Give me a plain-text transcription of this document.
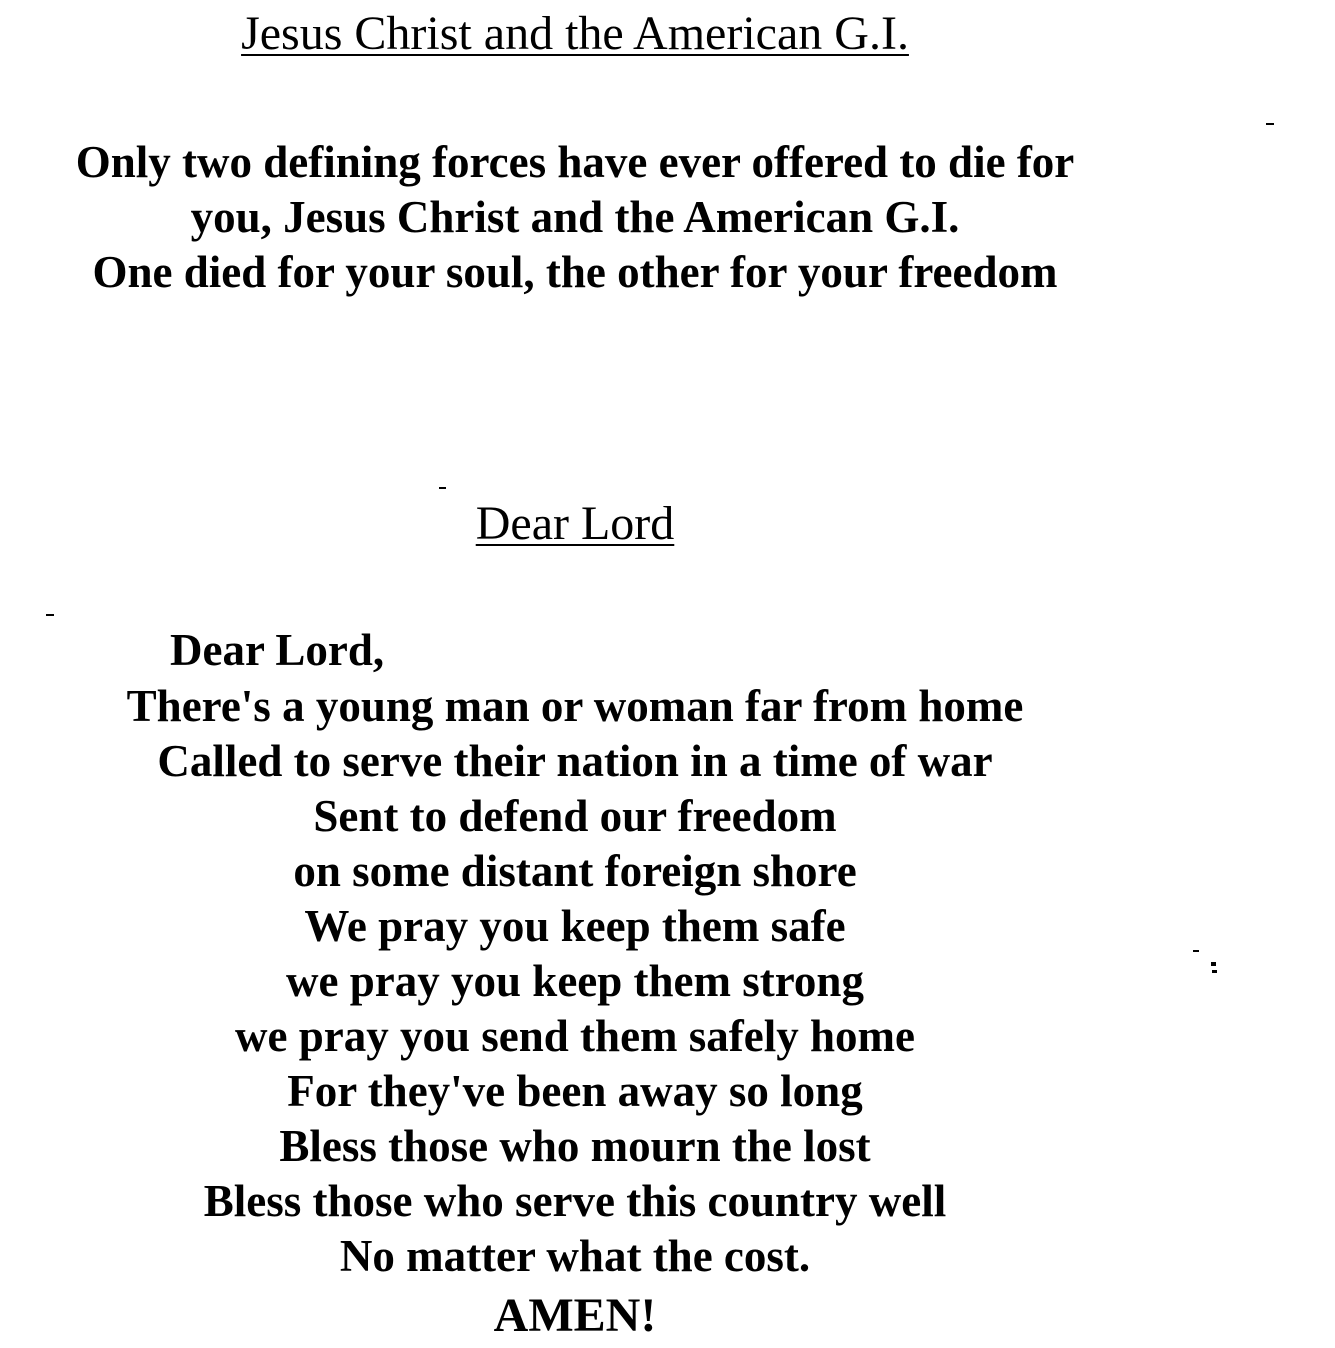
Jesus Christ and the American G.I.
Only two defining forces have ever offered to die for
you, Jesus Christ and the American G.I.
One died for your soul, the other for your freedom
Dear Lord
Dear Lord,
There's a young man or woman far from home
Called to serve their nation in a time of war
Sent to defend our freedom
on some distant foreign shore
We pray you keep them safe
we pray you keep them strong
we pray you send them safely home
For they've been away so long
Bless those who mourn the lost
Bless those who serve this country well
No matter what the cost.
AMEN!
